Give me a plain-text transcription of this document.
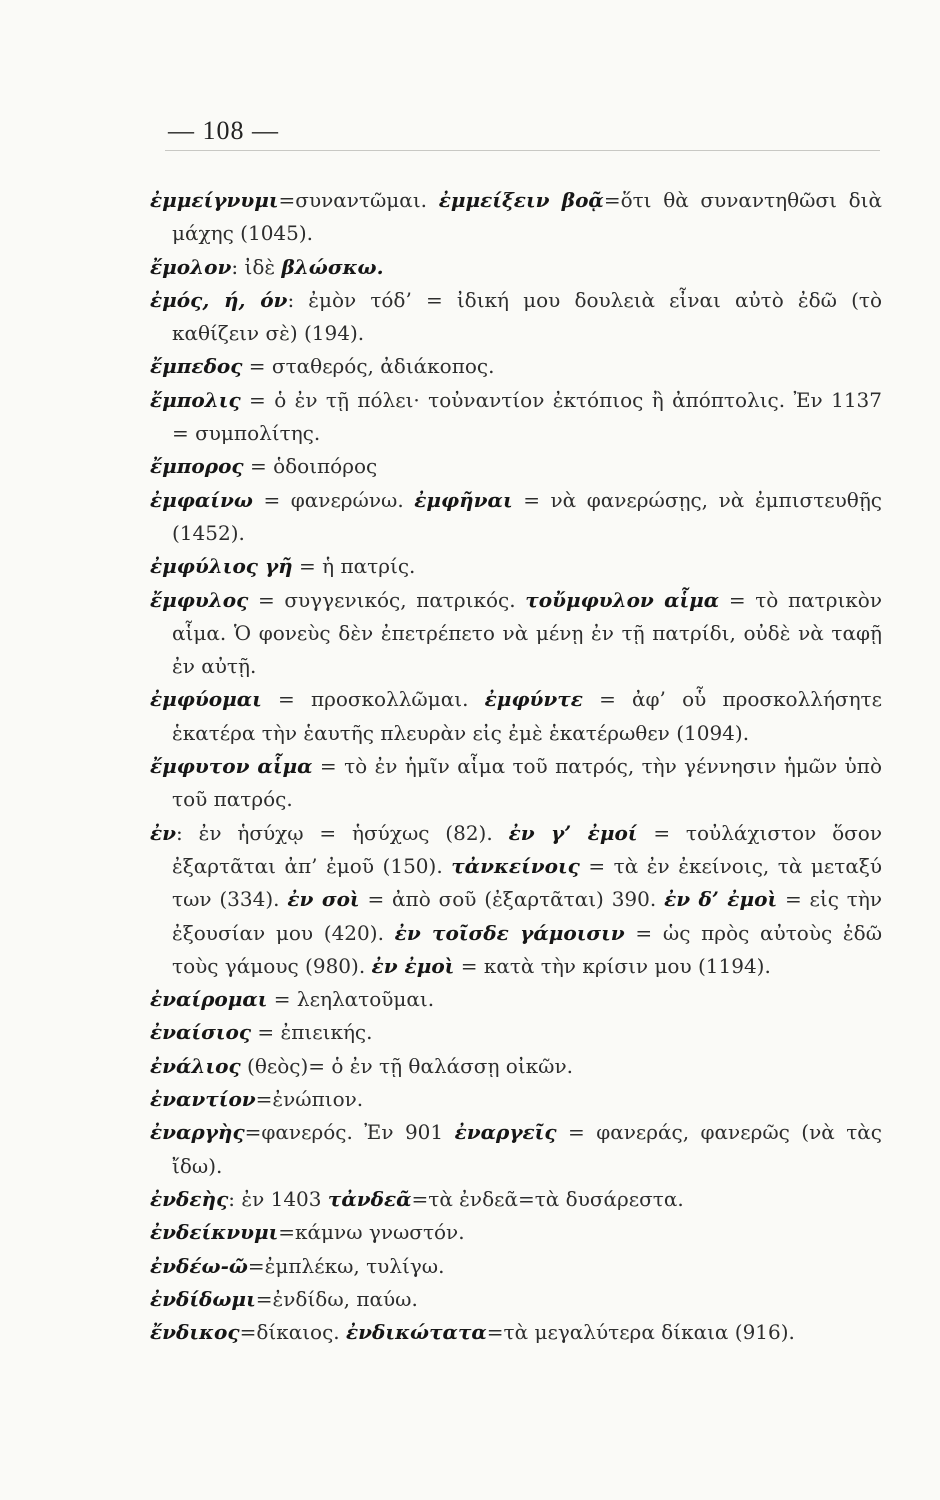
— 108 —
ἐμμείγνυμι=συναντῶμαι. ἐμμείξειν βοᾷ=ὅτι θὰ συναντηθῶσι διὰ μάχης (1045).
ἔμολον: ἰδὲ βλώσκω.
ἐμός, ή, όν: ἐμὸν τόδ’ = ἰδική μου δουλειὰ εἶναι αὐτὸ ἐδῶ (τὸ καθίζειν σὲ) (194).
ἔμπεδος = σταθερός, ἀδιάκοπος.
ἔμπολις = ὁ ἐν τῇ πόλει· τοὐναντίον ἐκτόπιος ἢ ἀπόπτολις. Ἐν 1137 = συμπολίτης.
ἔμπορος = ὁδοιπόρος
ἐμφαίνω = φανερώνω. ἐμφῆναι = νὰ φανερώσῃς, νὰ ἐμπιστευθῇς (1452).
ἐμφύλιος γῆ = ἡ πατρίς.
ἔμφυλος = συγγενικός, πατρικός. τοὔμφυλον αἷμα = τὸ πατρικὸν αἷμα. Ὁ φονεὺς δὲν ἐπετρέπετο νὰ μένῃ ἐν τῇ πατρίδι, οὐδὲ νὰ ταφῇ ἐν αὐτῇ.
ἐμφύομαι = προσκολλῶμαι. ἐμφύντε = ἀφ’ οὗ προσκολλήσητε ἑκατέρα τὴν ἑαυτῆς πλευρὰν εἰς ἐμὲ ἑκατέρωθεν (1094).
ἔμφυτον αἷμα = τὸ ἐν ἡμῖν αἷμα τοῦ πατρός, τὴν γέννησιν ἡμῶν ὑπὸ τοῦ πατρός.
ἐν: ἐν ἡσύχῳ = ἡσύχως (82). ἐν γ’ ἐμοί = τοὐλάχιστον ὅσον ἐξαρτᾶται ἀπ’ ἐμοῦ (150). τἀνκείνοις = τὰ ἐν ἐκείνοις, τὰ μεταξύ των (334). ἐν σοὶ = ἀπὸ σοῦ (ἐξαρτᾶται) 390. ἐν δ’ ἐμοὶ = εἰς τὴν ἐξουσίαν μου (420). ἐν τοῖσδε γάμοισιν = ὡς πρὸς αὐτοὺς ἐδῶ τοὺς γάμους (980). ἐν ἐμοὶ = κατὰ τὴν κρίσιν μου (1194).
ἐναίρομαι = λεηλατοῦμαι.
ἐναίσιος = ἐπιεικής.
ἐνάλιος (θεὸς)= ὁ ἐν τῇ θαλάσσῃ οἰκῶν.
ἐναντίον=ἐνώπιον.
ἐναργὴς=φανερός. Ἐν 901 ἐναργεῖς = φανεράς, φανερῶς (νὰ τὰς ἴδω).
ἐνδεὴς: ἐν 1403 τἀνδεᾶ=τὰ ἐνδεᾶ=τὰ δυσάρεστα.
ἐνδείκνυμι=κάμνω γνωστόν.
ἐνδέω-ῶ=ἐμπλέκω, τυλίγω.
ἐνδίδωμι=ἐνδίδω, παύω.
ἔνδικος=δίκαιος. ἐνδικώτατα=τὰ μεγαλύτερα δίκαια (916).
